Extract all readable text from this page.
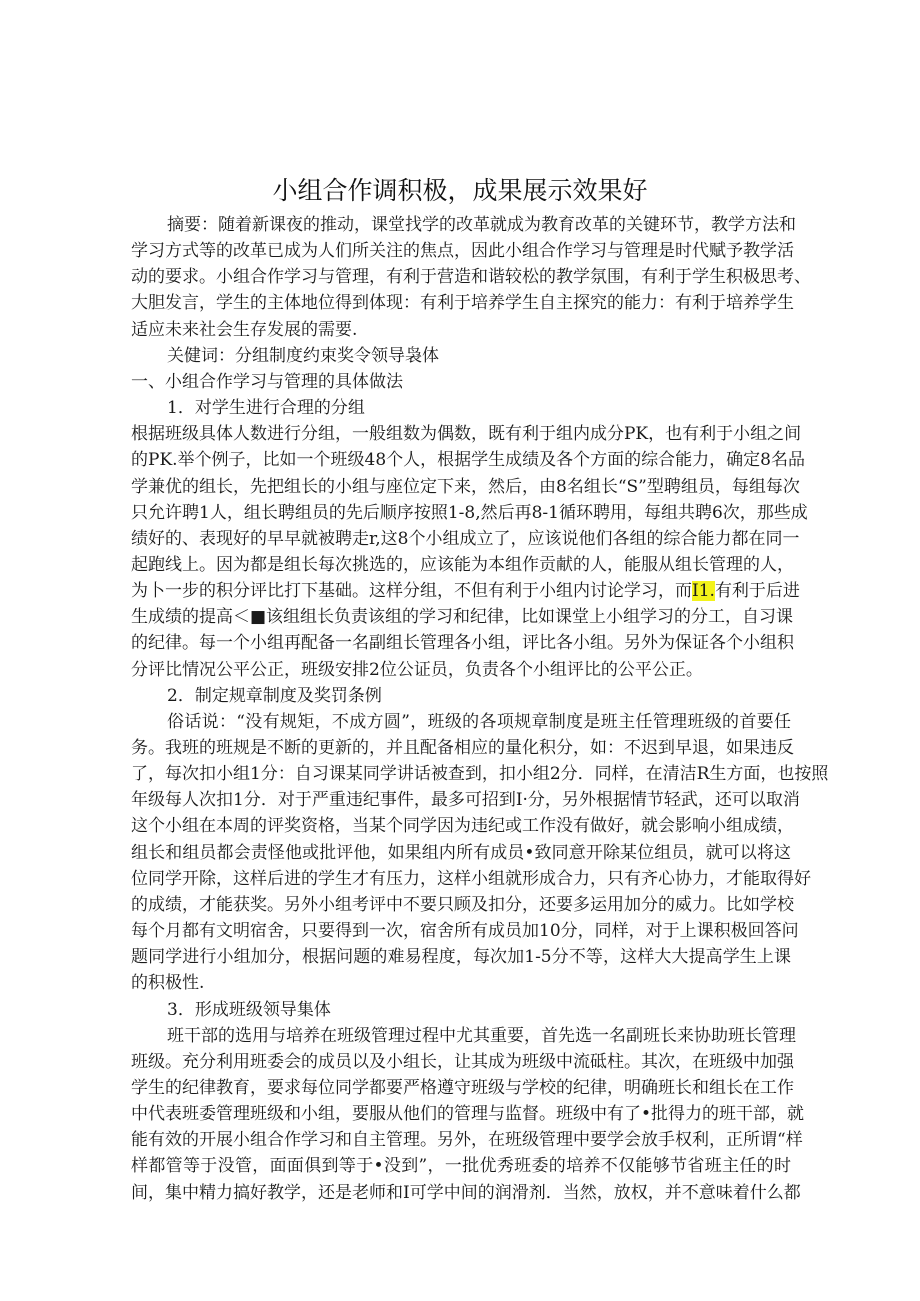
小组合作调积极，成果展示效果好
摘要：随着新课夜的推动，课堂找学的改革就成为教育改革的关键环节，教学方法和
学习方式等的改革已成为人们所关注的焦点，因此小组合作学习与管理是时代赋予教学活
动的要求。小组合作学习与管理，有利于营造和谐较松的教学氛围，有利于学生积极思考、
大胆发言，学生的主体地位得到体现：有利于培养学生自主探究的能力：有利于培养学生
适应未来社会生存发展的需要.
关健词：分组制度约束奖令领导袅体
一、小组合作学习与管理的具体做法
1．对学生进行合理的分组
根据班级具体人数进行分组，一般组数为偶数，既有利于组内成分PK，也有利于小组之间
的PK.举个例子，比如一个班级48个人，根据学生成绩及各个方面的综合能力，确定8名品
学兼优的组长，先把组长的小组与座位定下来，然后，由8名组长“S”型聘组员，每组每次
只允许聘1人，组长聘组员的先后顺序按照1-8,然后再8-1循环聘用，每组共聘6次，那些成
绩好的、表现好的早早就被聘走r,这8个小组成立了，应该说他们各组的综合能力都在同一
起跑线上。因为都是组长每次挑选的，应该能为本组作贡献的人，能服从组长管理的人，
为卜一步的积分评比打下基础。这样分组，不但有利于小组内讨论学习，而I1.有利于后进
生成绩的提高＜■该组组长负责该组的学习和纪律，比如课堂上小组学习的分工，自习课
的纪律。每一个小组再配备一名副组长管理各小组，评比各小组。另外为保证各个小组积
分评比情况公平公正，班级安排2位公证员，负责各个小组评比的公平公正。
2．制定规章制度及奖罚条例
俗话说：“没有规矩，不成方圆”，班级的各项规章制度是班主任管理班级的首要任
务。我班的班规是不断的更新的，并且配备相应的量化积分，如：不迟到早退，如果违反
了，每次扣小组1分：自习课某同学讲话被查到，扣小组2分．同样，在清洁R生方面，也按照
年级每人次扣1分．对于严重违纪事件，最多可招到I·分，另外根据情节轻武，还可以取消
这个小组在本周的评奖资格，当某个同学因为违纪或工作没有做好，就会影响小组成绩，
组长和组员都会责怪他或批评他，如果组内所有成员•致同意开除某位组员，就可以将这
位同学开除，这样后进的学生才有压力，这样小组就形成合力，只有齐心协力，才能取得好
的成绩，才能获奖。另外小组考评中不要只顾及扣分，还要多运用加分的威力。比如学校
每个月都有文明宿舍，只要得到一次，宿舍所有成员加10分，同样，对于上课积极回答问
题同学进行小组加分，根据问题的难易程度，每次加1-5分不等，这样大大提高学生上课
的积极性.
3．形成班级领导集体
班干部的选用与培养在班级管理过程中尤其重要，首先选一名副班长来协助班长管理
班级。充分利用班委会的成员以及小组长，让其成为班级中流砥柱。其次，在班级中加强
学生的纪律教育，要求每位同学都要严格遵守班级与学校的纪律，明确班长和组长在工作
中代表班委管理班级和小组，要服从他们的管理与监督。班级中有了•批得力的班干部，就
能有效的开展小组合作学习和自主管理。另外，在班级管理中要学会放手权利，正所谓“样
样都管等于没管，面面俱到等于•没到”，一批优秀班委的培养不仅能够节省班主任的时
间，集中精力搞好教学，还是老师和I可学中间的润滑剂．当然，放权，并不意味着什么都
